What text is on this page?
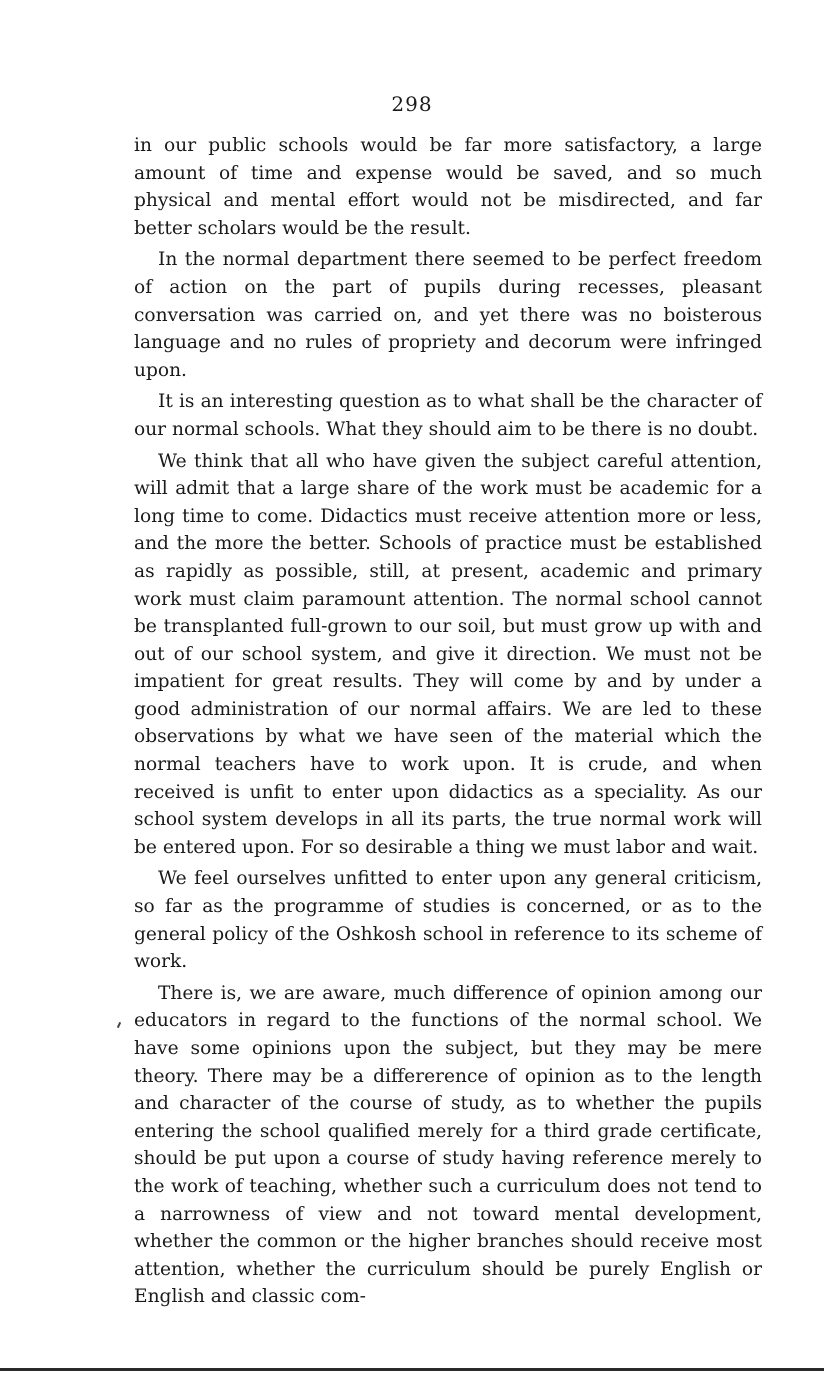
298

in our public schools would be far more satisfactory, a large amount of time and expense would be saved, and so much physical and mental effort would not be misdirected, and far better scholars would be the result.

In the normal department there seemed to be perfect freedom of action on the part of pupils during recesses, pleasant conversation was carried on, and yet there was no boisterous language and no rules of propriety and decorum were infringed upon.

It is an interesting question as to what shall be the character of our normal schools. What they should aim to be there is no doubt.

We think that all who have given the subject careful attention, will admit that a large share of the work must be academic for a long time to come. Didactics must receive attention more or less, and the more the better. Schools of practice must be established as rapidly as possible, still, at present, academic and primary work must claim paramount attention. The normal school cannot be transplanted full-grown to our soil, but must grow up with and out of our school system, and give it direction. We must not be impatient for great results. They will come by and by under a good administration of our normal affairs. We are led to these observations by what we have seen of the material which the normal teachers have to work upon. It is crude, and when received is unfit to enter upon didactics as a speciality. As our school system develops in all its parts, the true normal work will be entered upon. For so desirable a thing we must labor and wait.

We feel ourselves unfitted to enter upon any general criticism, so far as the programme of studies is concerned, or as to the general policy of the Oshkosh school in reference to its scheme of work.

There is, we are aware, much difference of opinion among our educators in regard to the functions of the normal school. We have some opinions upon the subject, but they may be mere theory. There may be a differerence of opinion as to the length and character of the course of study, as to whether the pupils entering the school qualified merely for a third grade certificate, should be put upon a course of study having reference merely to the work of teaching, whether such a curriculum does not tend to a narrowness of view and not toward mental development, whether the common or the higher branches should receive most attention, whether the curriculum should be purely English or English and classic com-
